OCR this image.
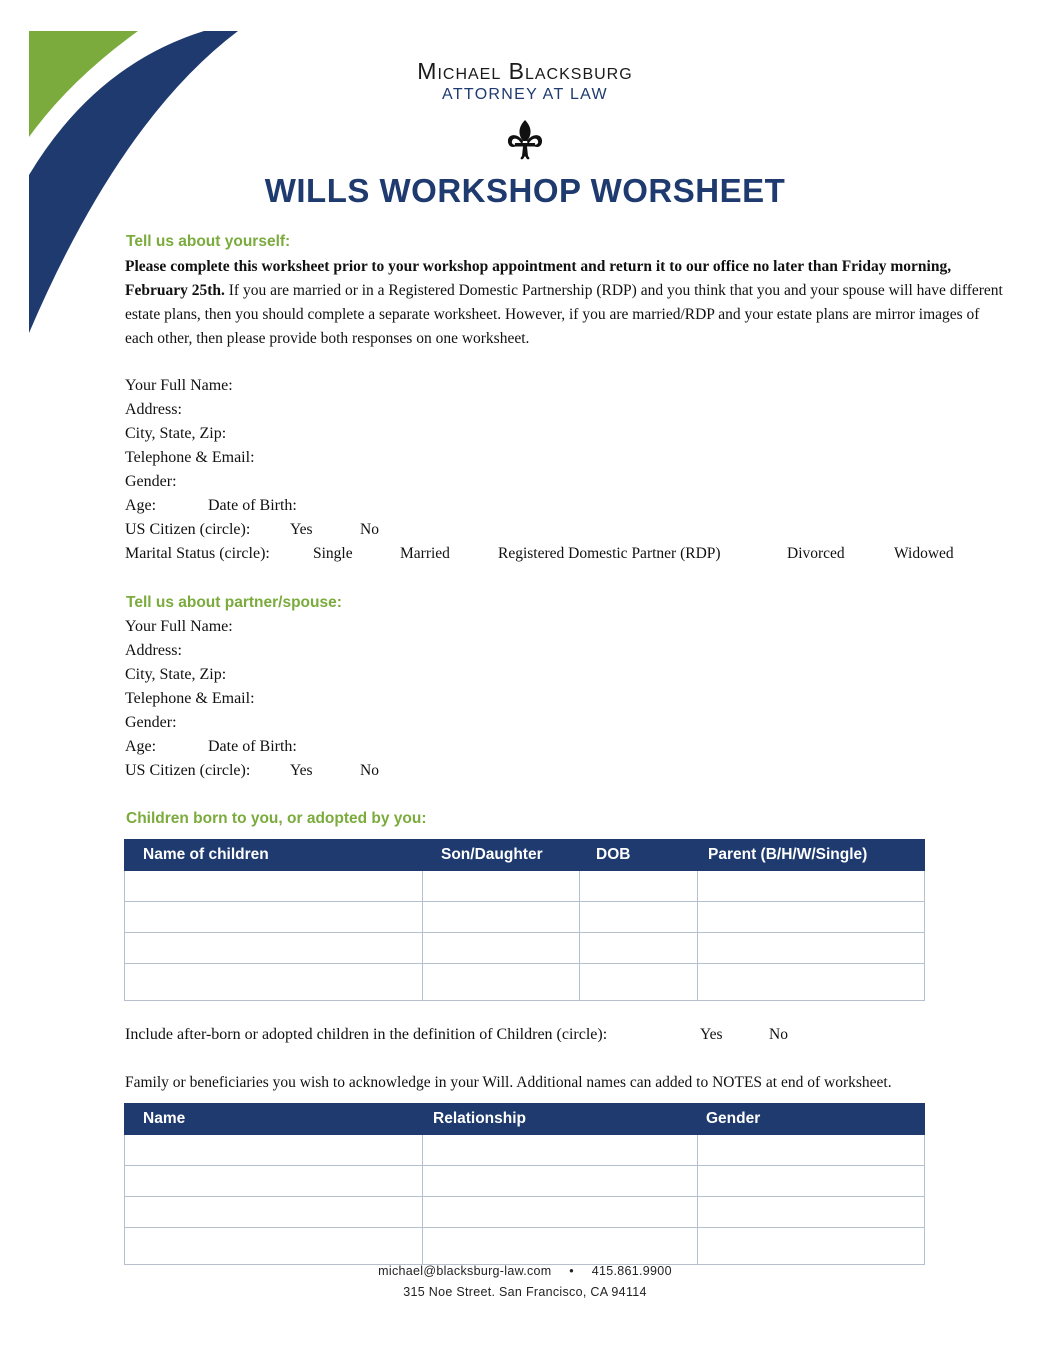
Michael Blacksburg
ATTORNEY AT LAW
WILLS WORKSHOP WORSHEET
Tell us about yourself:
Please complete this worksheet prior to your workshop appointment and return it to our office no later than Friday morning, February 25th. If you are married or in a Registered Domestic Partnership (RDP) and you think that you and your spouse will have different estate plans, then you should complete a separate worksheet. However, if you are married/RDP and your estate plans are mirror images of each other, then please provide both responses on one worksheet.
Your Full Name:
Address:
City, State, Zip:
Telephone & Email:
Gender:
Age:	Date of Birth:
US Citizen (circle):	Yes	No
Marital Status (circle):	Single	Married	Registered Domestic Partner (RDP)	Divorced	Widowed
Tell us about partner/spouse:
Your Full Name:
Address:
City, State, Zip:
Telephone & Email:
Gender:
Age:	Date of Birth:
US Citizen (circle):	Yes	No
Children born to you, or adopted by you:
Name of children	Son/Daughter	DOB	Parent (B/H/W/Single)

Include after-born or adopted children in the definition of Children (circle):	Yes	No
Family or beneficiaries you wish to acknowledge in your Will. Additional names can added to NOTES at end of worksheet.
Name	Relationship	Gender

michael@blacksburg-law.com • 415.861.9900
315 Noe Street. San Francisco, CA 94114
